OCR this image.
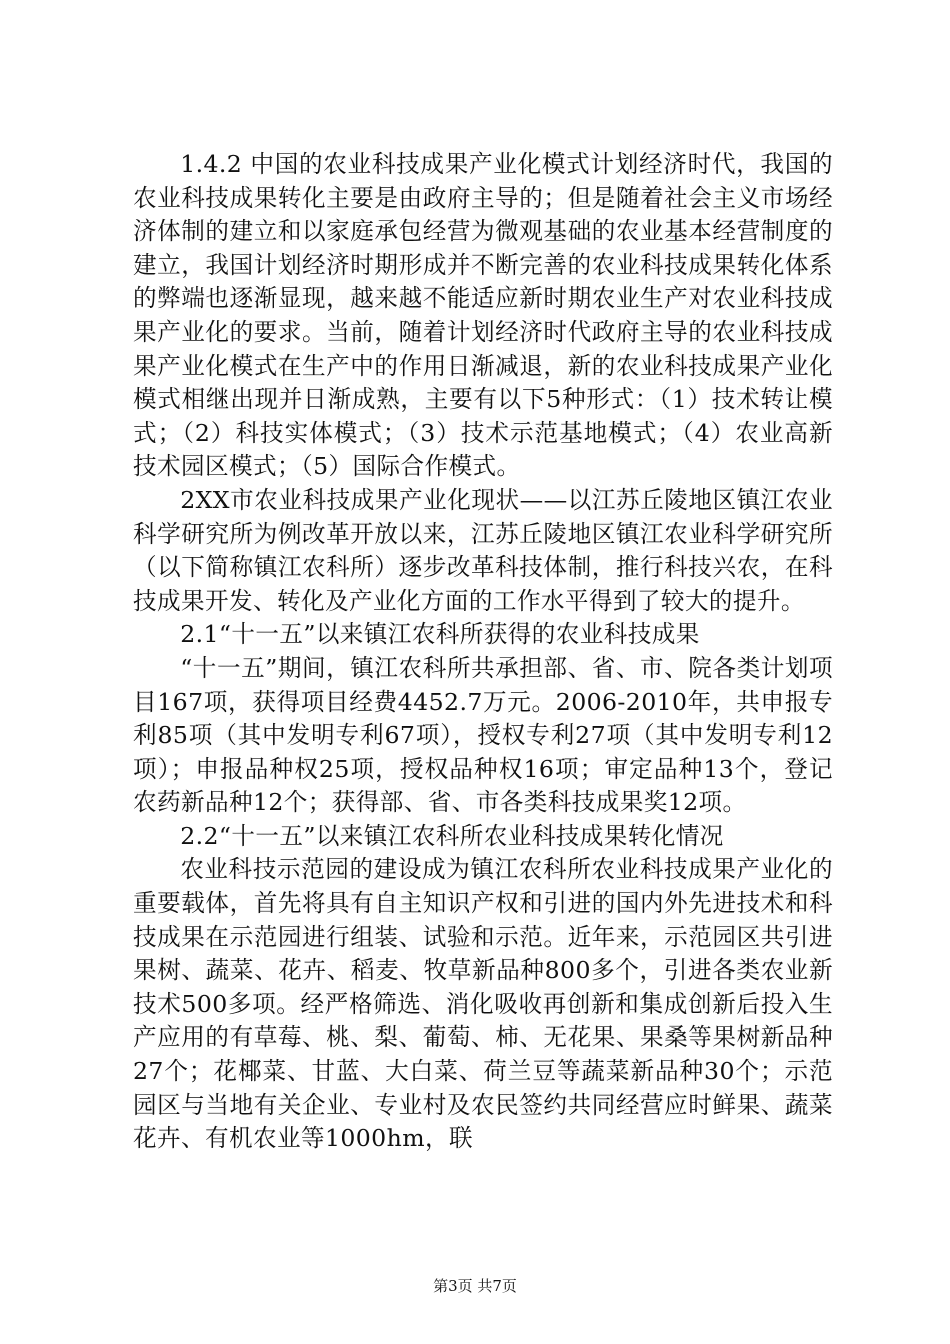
1.4.2 中国的农业科技成果产业化模式计划经济时代，我国的农业科技成果转化主要是由政府主导的；但是随着社会主义市场经济体制的建立和以家庭承包经营为微观基础的农业基本经营制度的建立，我国计划经济时期形成并不断完善的农业科技成果转化体系的弊端也逐渐显现，越来越不能适应新时期农业生产对农业科技成果产业化的要求。当前，随着计划经济时代政府主导的农业科技成果产业化模式在生产中的作用日渐减退，新的农业科技成果产业化模式相继出现并日渐成熟，主要有以下5种形式：（1）技术转让模式；（2）科技实体模式；（3）技术示范基地模式；（4）农业高新技术园区模式；（5）国际合作模式。

2XX市农业科技成果产业化现状——以江苏丘陵地区镇江农业科学研究所为例改革开放以来，江苏丘陵地区镇江农业科学研究所（以下简称镇江农科所）逐步改革科技体制，推行科技兴农，在科技成果开发、转化及产业化方面的工作水平得到了较大的提升。

2.1“十一五”以来镇江农科所获得的农业科技成果

“十一五”期间，镇江农科所共承担部、省、市、院各类计划项目167项，获得项目经费4452.7万元。2006-2010年，共申报专利85项（其中发明专利67项），授权专利27项（其中发明专利12项）；申报品种权25项，授权品种权16项；审定品种13个，登记农药新品种12个；获得部、省、市各类科技成果奖12项。

2.2“十一五”以来镇江农科所农业科技成果转化情况

农业科技示范园的建设成为镇江农科所农业科技成果产业化的重要载体，首先将具有自主知识产权和引进的国内外先进技术和科技成果在示范园进行组装、试验和示范。近年来，示范园区共引进果树、蔬菜、花卉、稻麦、牧草新品种800多个，引进各类农业新技术500多项。经严格筛选、消化吸收再创新和集成创新后投入生产应用的有草莓、桃、梨、葡萄、柿、无花果、果桑等果树新品种27个；花椰菜、甘蓝、大白菜、荷兰豆等蔬菜新品种30个；示范园区与当地有关企业、专业村及农民签约共同经营应时鲜果、蔬菜花卉、有机农业等1000hm，联

第3页 共7页
